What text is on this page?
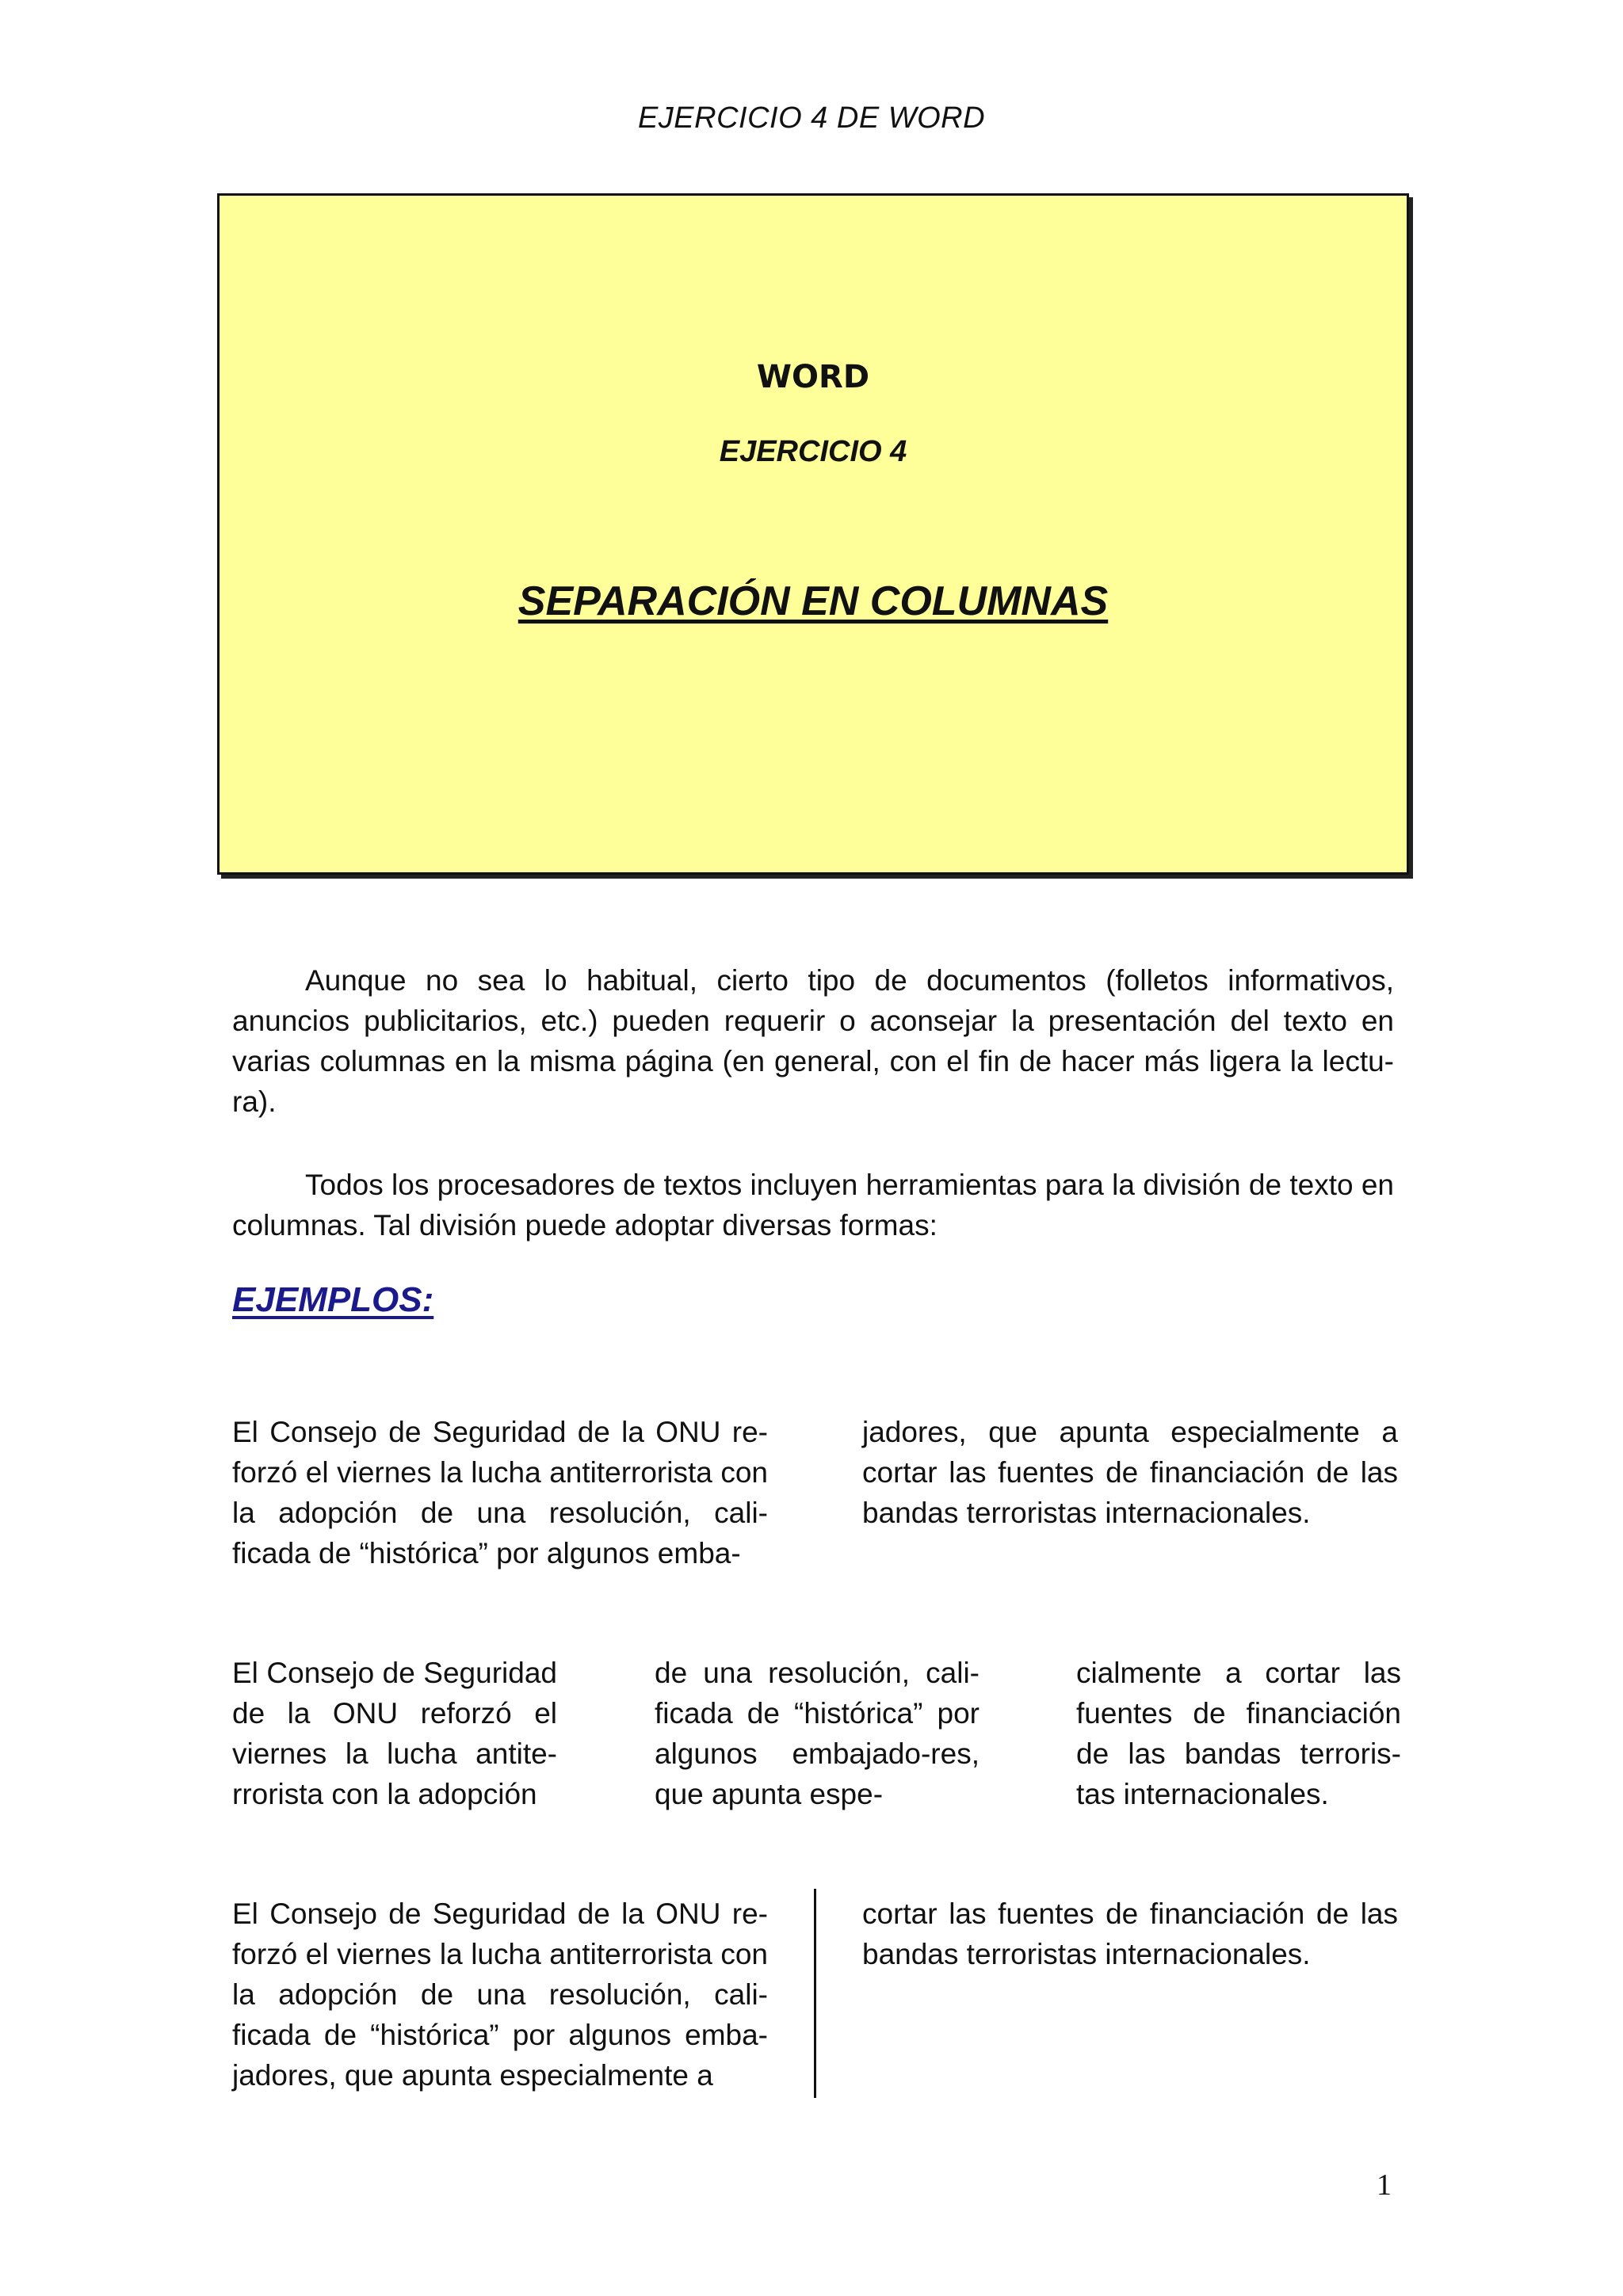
EJERCICIO 4 DE WORD
WORD
EJERCICIO 4
SEPARACIÓN EN COLUMNAS

Aunque no sea lo habitual, cierto tipo de documentos (folletos informativos, anuncios publicitarios, etc.) pueden requerir o aconsejar la presentación del texto en varias columnas en la misma página (en general, con el fin de hacer más ligera la lectu-ra).

Todos los procesadores de textos incluyen herramientas para la división de texto en columnas. Tal división puede adoptar diversas formas:

EJEMPLOS:

El Consejo de Seguridad de la ONU re-forzó el viernes la lucha antiterrorista con la adopción de una resolución, cali-ficada de “histórica” por algunos emba-

jadores, que apunta especialmente a cortar las fuentes de financiación de las bandas terroristas internacionales.

El Consejo de Seguridad de la ONU reforzó el viernes la lucha antite-rrorista con la adopción

de una resolución, cali-ficada de “histórica” por algunos embajado-res, que apunta espe-

cialmente a cortar las fuentes de financiación de las bandas terroris-tas internacionales.

El Consejo de Seguridad de la ONU re-forzó el viernes la lucha antiterrorista con la adopción de una resolución, cali-ficada de “histórica” por algunos emba-jadores, que apunta especialmente a

cortar las fuentes de financiación de las bandas terroristas internacionales.

1
